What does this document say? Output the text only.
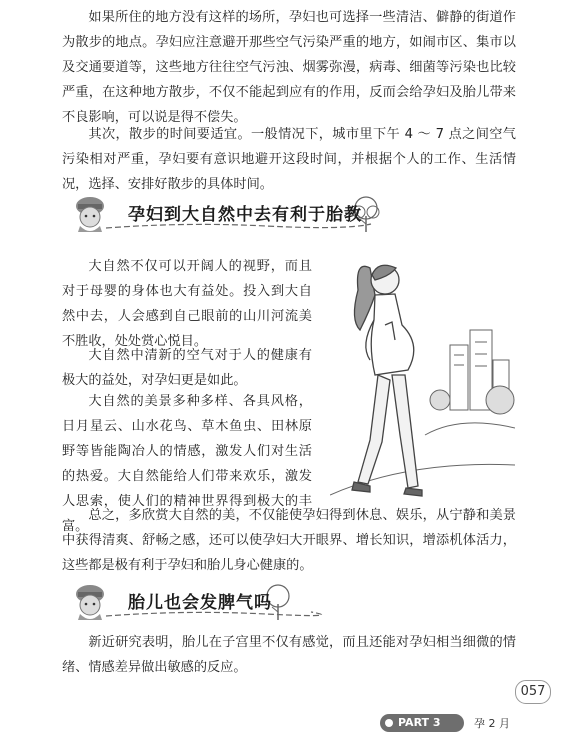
如果所住的地方没有这样的场所，孕妇也可选择一些清洁、僻静的街道作为散步的地点。孕妇应注意避开那些空气污染严重的地方，如闹市区、集市以及交通要道等，这些地方往往空气污浊、烟雾弥漫，病毒、细菌等污染也比较严重，在这种地方散步，不仅不能起到应有的作用，反而会给孕妇及胎儿带来不良影响，可以说是得不偿失。

其次，散步的时间要适宜。一般情况下，城市里下午 4 ～ 7 点之间空气污染相对严重，孕妇要有意识地避开这段时间，并根据个人的工作、生活情况，选择、安排好散步的具体时间。

孕妇到大自然中去有利于胎教

大自然不仅可以开阔人的视野，而且对于母婴的身体也大有益处。投入到大自然中去，人会感到自己眼前的山川河流美不胜收，处处赏心悦目。

大自然中清新的空气对于人的健康有极大的益处，对孕妇更是如此。

大自然的美景多种多样、各具风格，日月星云、山水花鸟、草木鱼虫、田林原野等皆能陶冶人的情感，激发人们对生活的热爱。大自然能给人们带来欢乐，激发人思索，使人们的精神世界得到极大的丰富。

总之，多欣赏大自然的美，不仅能使孕妇得到休息、娱乐，从宁静和美景中获得清爽、舒畅之感，还可以使孕妇大开眼界、增长知识，增添机体活力，这些都是极有利于孕妇和胎儿身心健康的。

胎儿也会发脾气吗

新近研究表明，胎儿在子宫里不仅有感觉，而且还能对孕妇相当细微的情绪、情感差异做出敏感的反应。

057
PART 3	孕 2 月
